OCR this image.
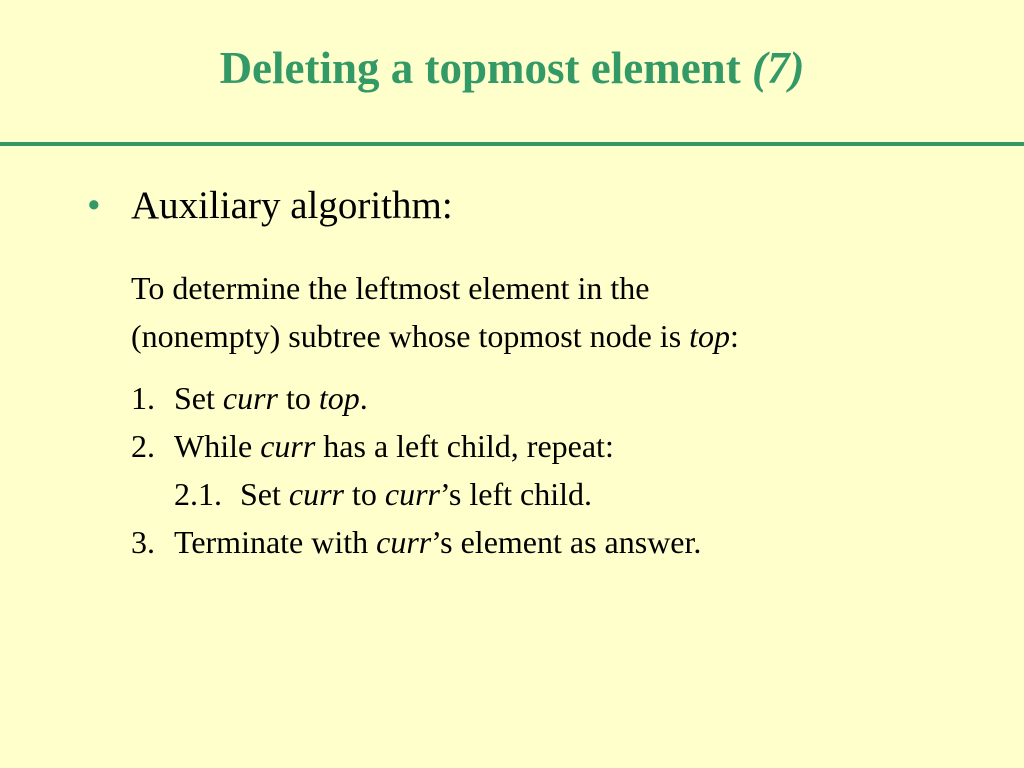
Deleting a topmost element (7)
• Auxiliary algorithm:

To determine the leftmost element in the
(nonempty) subtree whose topmost node is top:

1. Set curr to top.
2. While curr has a left child, repeat:
2.1. Set curr to curr’s left child.
3. Terminate with curr’s element as answer.
